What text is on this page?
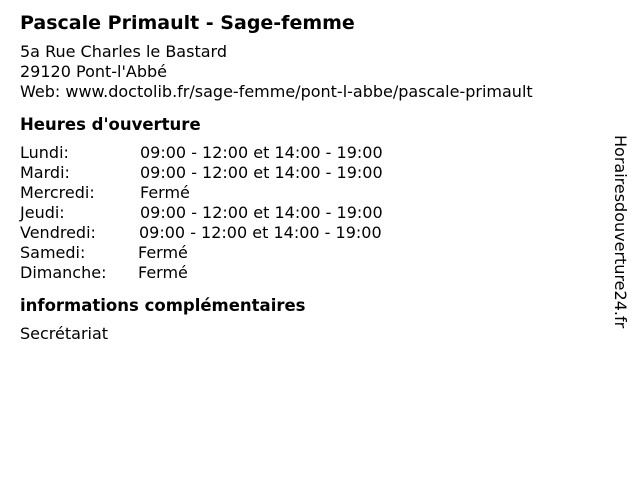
Pascale Primault - Sage-femme
5a Rue Charles le Bastard
29120 Pont-l'Abbé
Web: www.doctolib.fr/sage-femme/pont-l-abbe/pascale-primault
Heures d'ouverture
Lundi:	09:00 - 12:00 et 14:00 - 19:00
Mardi:	09:00 - 12:00 et 14:00 - 19:00
Mercredi:	Fermé
Jeudi:	09:00 - 12:00 et 14:00 - 19:00
Vendredi:	09:00 - 12:00 et 14:00 - 19:00
Samedi:	Fermé
Dimanche: Fermé
informations complémentaires
Secrétariat
Horairesdouverture24.fr
